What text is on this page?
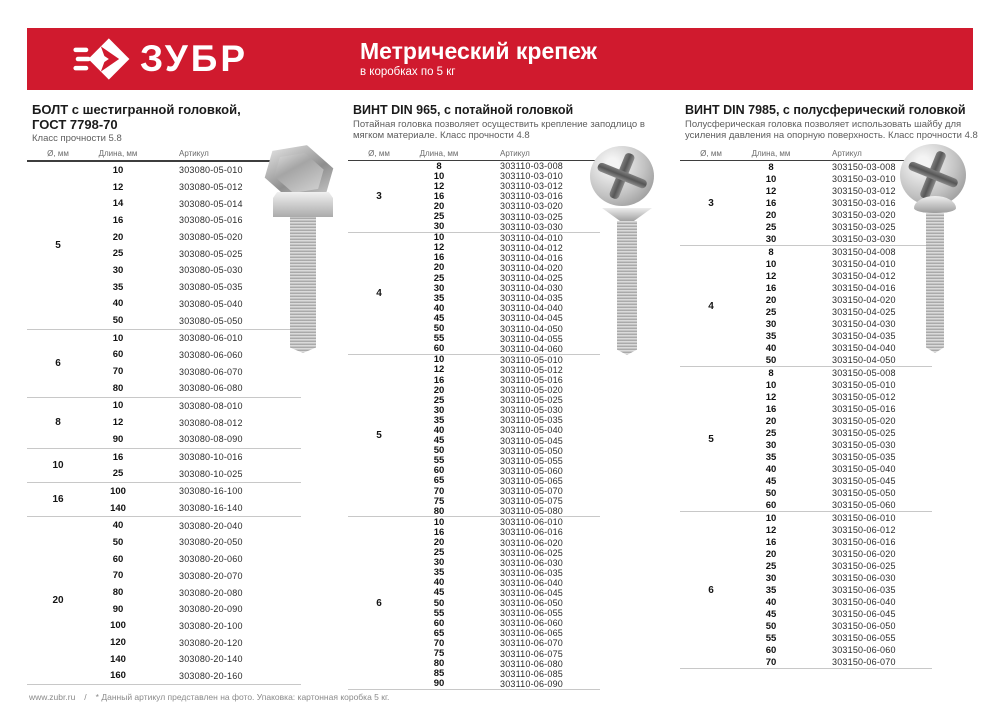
ЗУБР	Метрический крепеж
в коробках по 5 кг
БОЛТ с шестигранной головкой,
ГОСТ 7798-70

Класс прочности 5.8

Ø, мм	Длина, мм	Артикул
5
10	303080-05-010
12	303080-05-012
14	303080-05-014
16	303080-05-016
20	303080-05-020
25	303080-05-025
30	303080-05-030
35	303080-05-035
40	303080-05-040
50	303080-05-050
6
10	303080-06-010
60	303080-06-060
70	303080-06-070
80	303080-06-080
8
10	303080-08-010
12	303080-08-012
90	303080-08-090
10
16	303080-10-016
25	303080-10-025
16
100	303080-16-100
140	303080-16-140
20
40	303080-20-040
50	303080-20-050
60	303080-20-060
70	303080-20-070
80	303080-20-080
90	303080-20-090
100	303080-20-100
120	303080-20-120
140	303080-20-140
160	303080-20-160
ВИНТ DIN 965, с потайной головкой

Потайная головка позволяет осуществить крепление заподлицо в мягком материале. Класс прочности 4.8

Ø, мм	Длина, мм	Артикул
3
8	303110-03-008
10	303110-03-010
12	303110-03-012
16	303110-03-016
20	303110-03-020
25	303110-03-025
30	303110-03-030
4
10	303110-04-010
12	303110-04-012
16	303110-04-016
20	303110-04-020
25	303110-04-025
30	303110-04-030
35	303110-04-035
40	303110-04-040
45	303110-04-045
50	303110-04-050
55	303110-04-055
60	303110-04-060
5
10	303110-05-010
12	303110-05-012
16	303110-05-016
20	303110-05-020
25	303110-05-025
30	303110-05-030
35	303110-05-035
40	303110-05-040
45	303110-05-045
50	303110-05-050
55	303110-05-055
60	303110-05-060
65	303110-05-065
70	303110-05-070
75	303110-05-075
80	303110-05-080
6
10	303110-06-010
16	303110-06-016
20	303110-06-020
25	303110-06-025
30	303110-06-030
35	303110-06-035
40	303110-06-040
45	303110-06-045
50	303110-06-050
55	303110-06-055
60	303110-06-060
65	303110-06-065
70	303110-06-070
75	303110-06-075
80	303110-06-080
85	303110-06-085
90	303110-06-090
ВИНТ DIN 7985, с полусферический головкой

Полусферическая головка позволяет использовать шайбу для усиления давления на опорную поверхность. Класс прочности 4.8

Ø, мм	Длина, мм	Артикул
3
8	303150-03-008
10	303150-03-010
12	303150-03-012
16	303150-03-016
20	303150-03-020
25	303150-03-025
30	303150-03-030
4
8	303150-04-008
10	303150-04-010
12	303150-04-012
16	303150-04-016
20	303150-04-020
25	303150-04-025
30	303150-04-030
35	303150-04-035
40	303150-04-040
50	303150-04-050
5
8	303150-05-008
10	303150-05-010
12	303150-05-012
16	303150-05-016
20	303150-05-020
25	303150-05-025
30	303150-05-030
35	303150-05-035
40	303150-05-040
45	303150-05-045
50	303150-05-050
60	303150-05-060
6
10	303150-06-010
12	303150-06-012
16	303150-06-016
20	303150-06-020
25	303150-06-025
30	303150-06-030
35	303150-06-035
40	303150-06-040
45	303150-06-045
50	303150-06-050
55	303150-06-055
60	303150-06-060
70	303150-06-070
www.zubr.ru / * Данный артикул представлен на фото. Упаковка: картонная коробка 5 кг.
